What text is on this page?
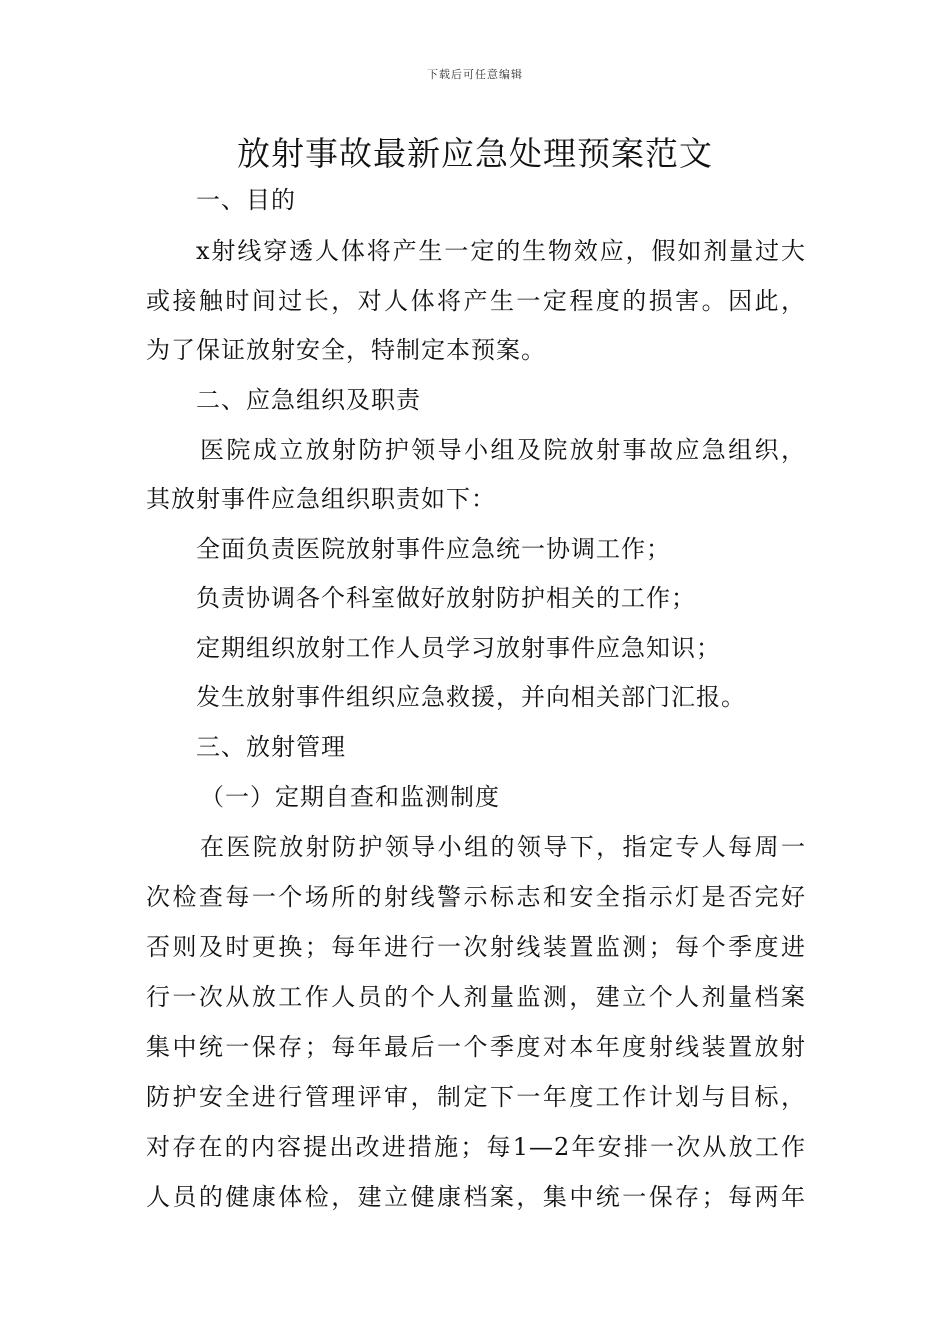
下载后可任意编辑
放射事故最新应急处理预案范文
一、目的
x射线穿透人体将产生一定的生物效应，假如剂量过大
或接触时间过长，对人体将产生一定程度的损害。因此，
为了保证放射安全，特制定本预案。
二、应急组织及职责
医院成立放射防护领导小组及院放射事故应急组织，
其放射事件应急组织职责如下：
全面负责医院放射事件应急统一协调工作；
负责协调各个科室做好放射防护相关的工作；
定期组织放射工作人员学习放射事件应急知识；
发生放射事件组织应急救援，并向相关部门汇报。
三、放射管理
（一）定期自查和监测制度
在医院放射防护领导小组的领导下，指定专人每周一
次检查每一个场所的射线警示标志和安全指示灯是否完好
否则及时更换；每年进行一次射线装置监测；每个季度进
行一次从放工作人员的个人剂量监测，建立个人剂量档案
集中统一保存；每年最后一个季度对本年度射线装置放射
防护安全进行管理评审，制定下一年度工作计划与目标，
对存在的内容提出改进措施；每1—2年安排一次从放工作
人员的健康体检，建立健康档案，集中统一保存；每两年
